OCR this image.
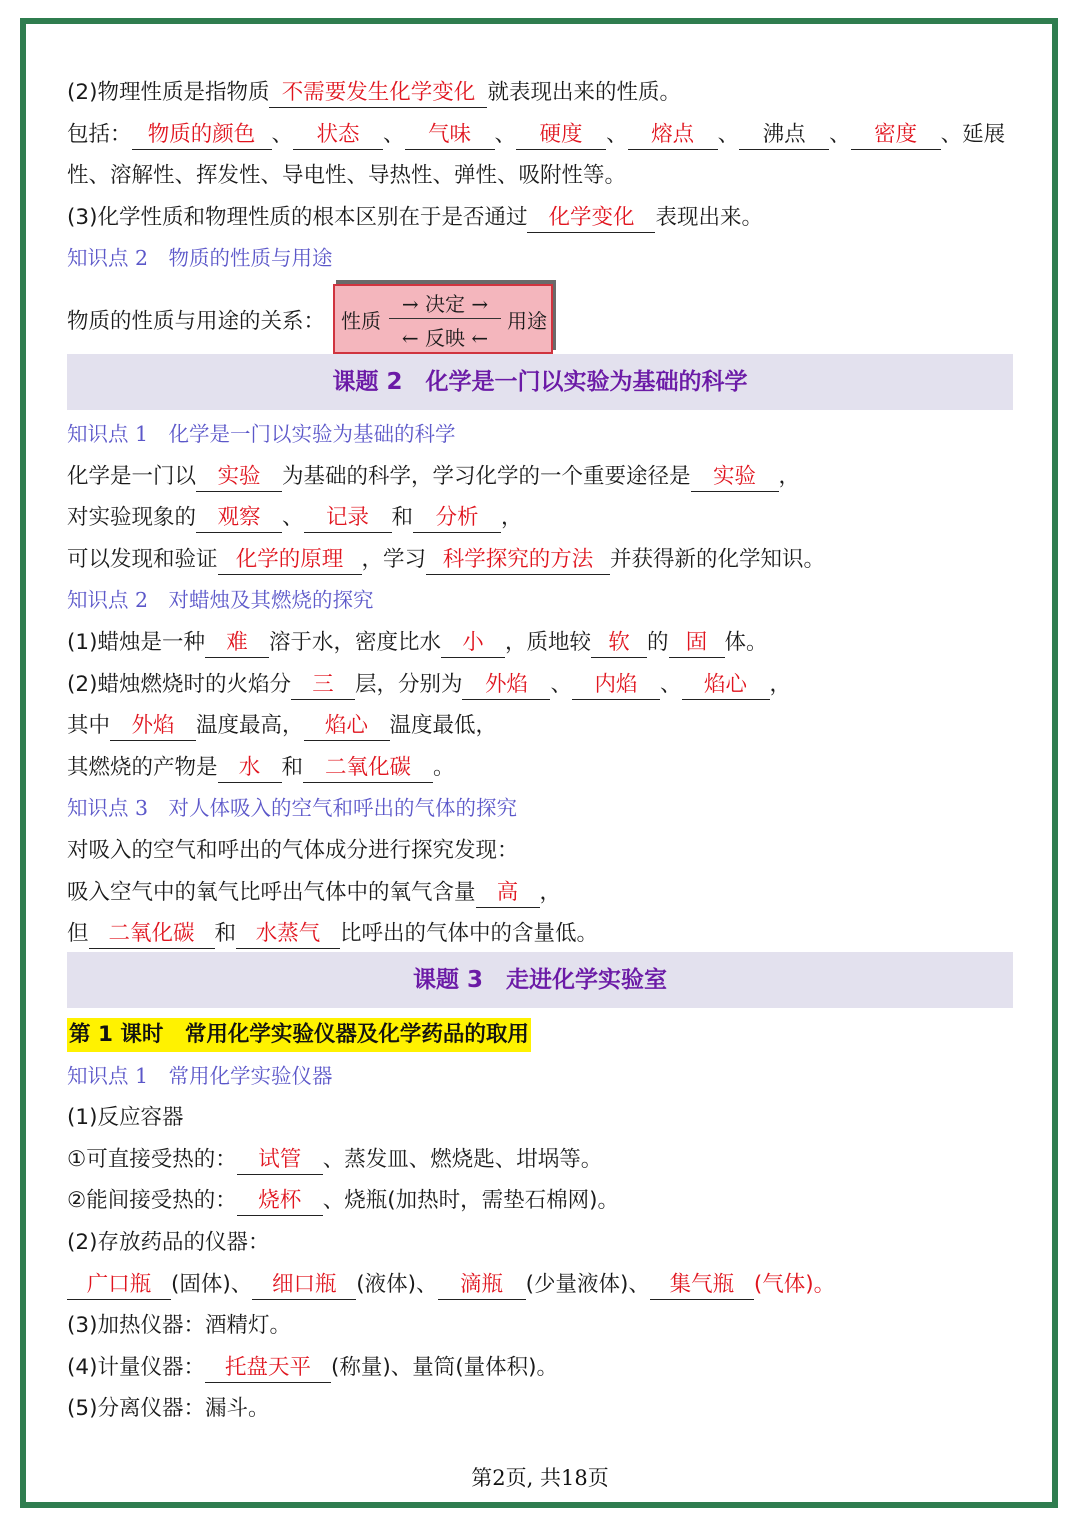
(2)物理性质是指物质 不需要发生化学变化 就表现出来的性质。
包括： 物质的颜色 、 状态 、 气味 、 硬度 、 熔点 、 沸点 、 密度 、延展
性、溶解性、挥发性、导电性、导热性、弹性、吸附性等。
(3)化学性质和物理性质的根本区别在于是否通过 化学变化 表现出来。
知识点 2　物质的性质与用途
物质的性质与用途的关系： 性质
→ 决定 →
← 反映 ←
用途
课题 2　化学是一门以实验为基础的科学
知识点 1　化学是一门以实验为基础的科学
化学是一门以 实验 为基础的科学，学习化学的一个重要途径是 实验 ，
对实验现象的 观察 、 记录 和 分析 ，
可以发现和验证 化学的原理 ，学习 科学探究的方法 并获得新的化学知识。
知识点 2　对蜡烛及其燃烧的探究
(1)蜡烛是一种 难 溶于水，密度比水 小 ，质地较 软 的 固 体。
(2)蜡烛燃烧时的火焰分 三 层，分别为 外焰 、 内焰 、 焰心 ，
其中 外焰 温度最高， 焰心 温度最低，
其燃烧的产物是 水 和 二氧化碳 。
知识点 3　对人体吸入的空气和呼出的气体的探究
对吸入的空气和呼出的气体成分进行探究发现：
吸入空气中的氧气比呼出气体中的氧气含量 高 ，
但 二氧化碳 和 水蒸气 比呼出的气体中的含量低。
课题 3　走进化学实验室
第 1 课时　常用化学实验仪器及化学药品的取用
知识点 1　常用化学实验仪器
(1)反应容器
①可直接受热的： 试管 、蒸发皿、燃烧匙、坩埚等。
②能间接受热的： 烧杯 、烧瓶(加热时，需垫石棉网)。
(2)存放药品的仪器：
广口瓶 (固体)、 细口瓶 (液体)、 滴瓶 (少量液体)、 集气瓶 (气体)。
(3)加热仪器：酒精灯。
(4)计量仪器： 托盘天平 (称量)、量筒(量体积)。
(5)分离仪器：漏斗。
第2页, 共18页
